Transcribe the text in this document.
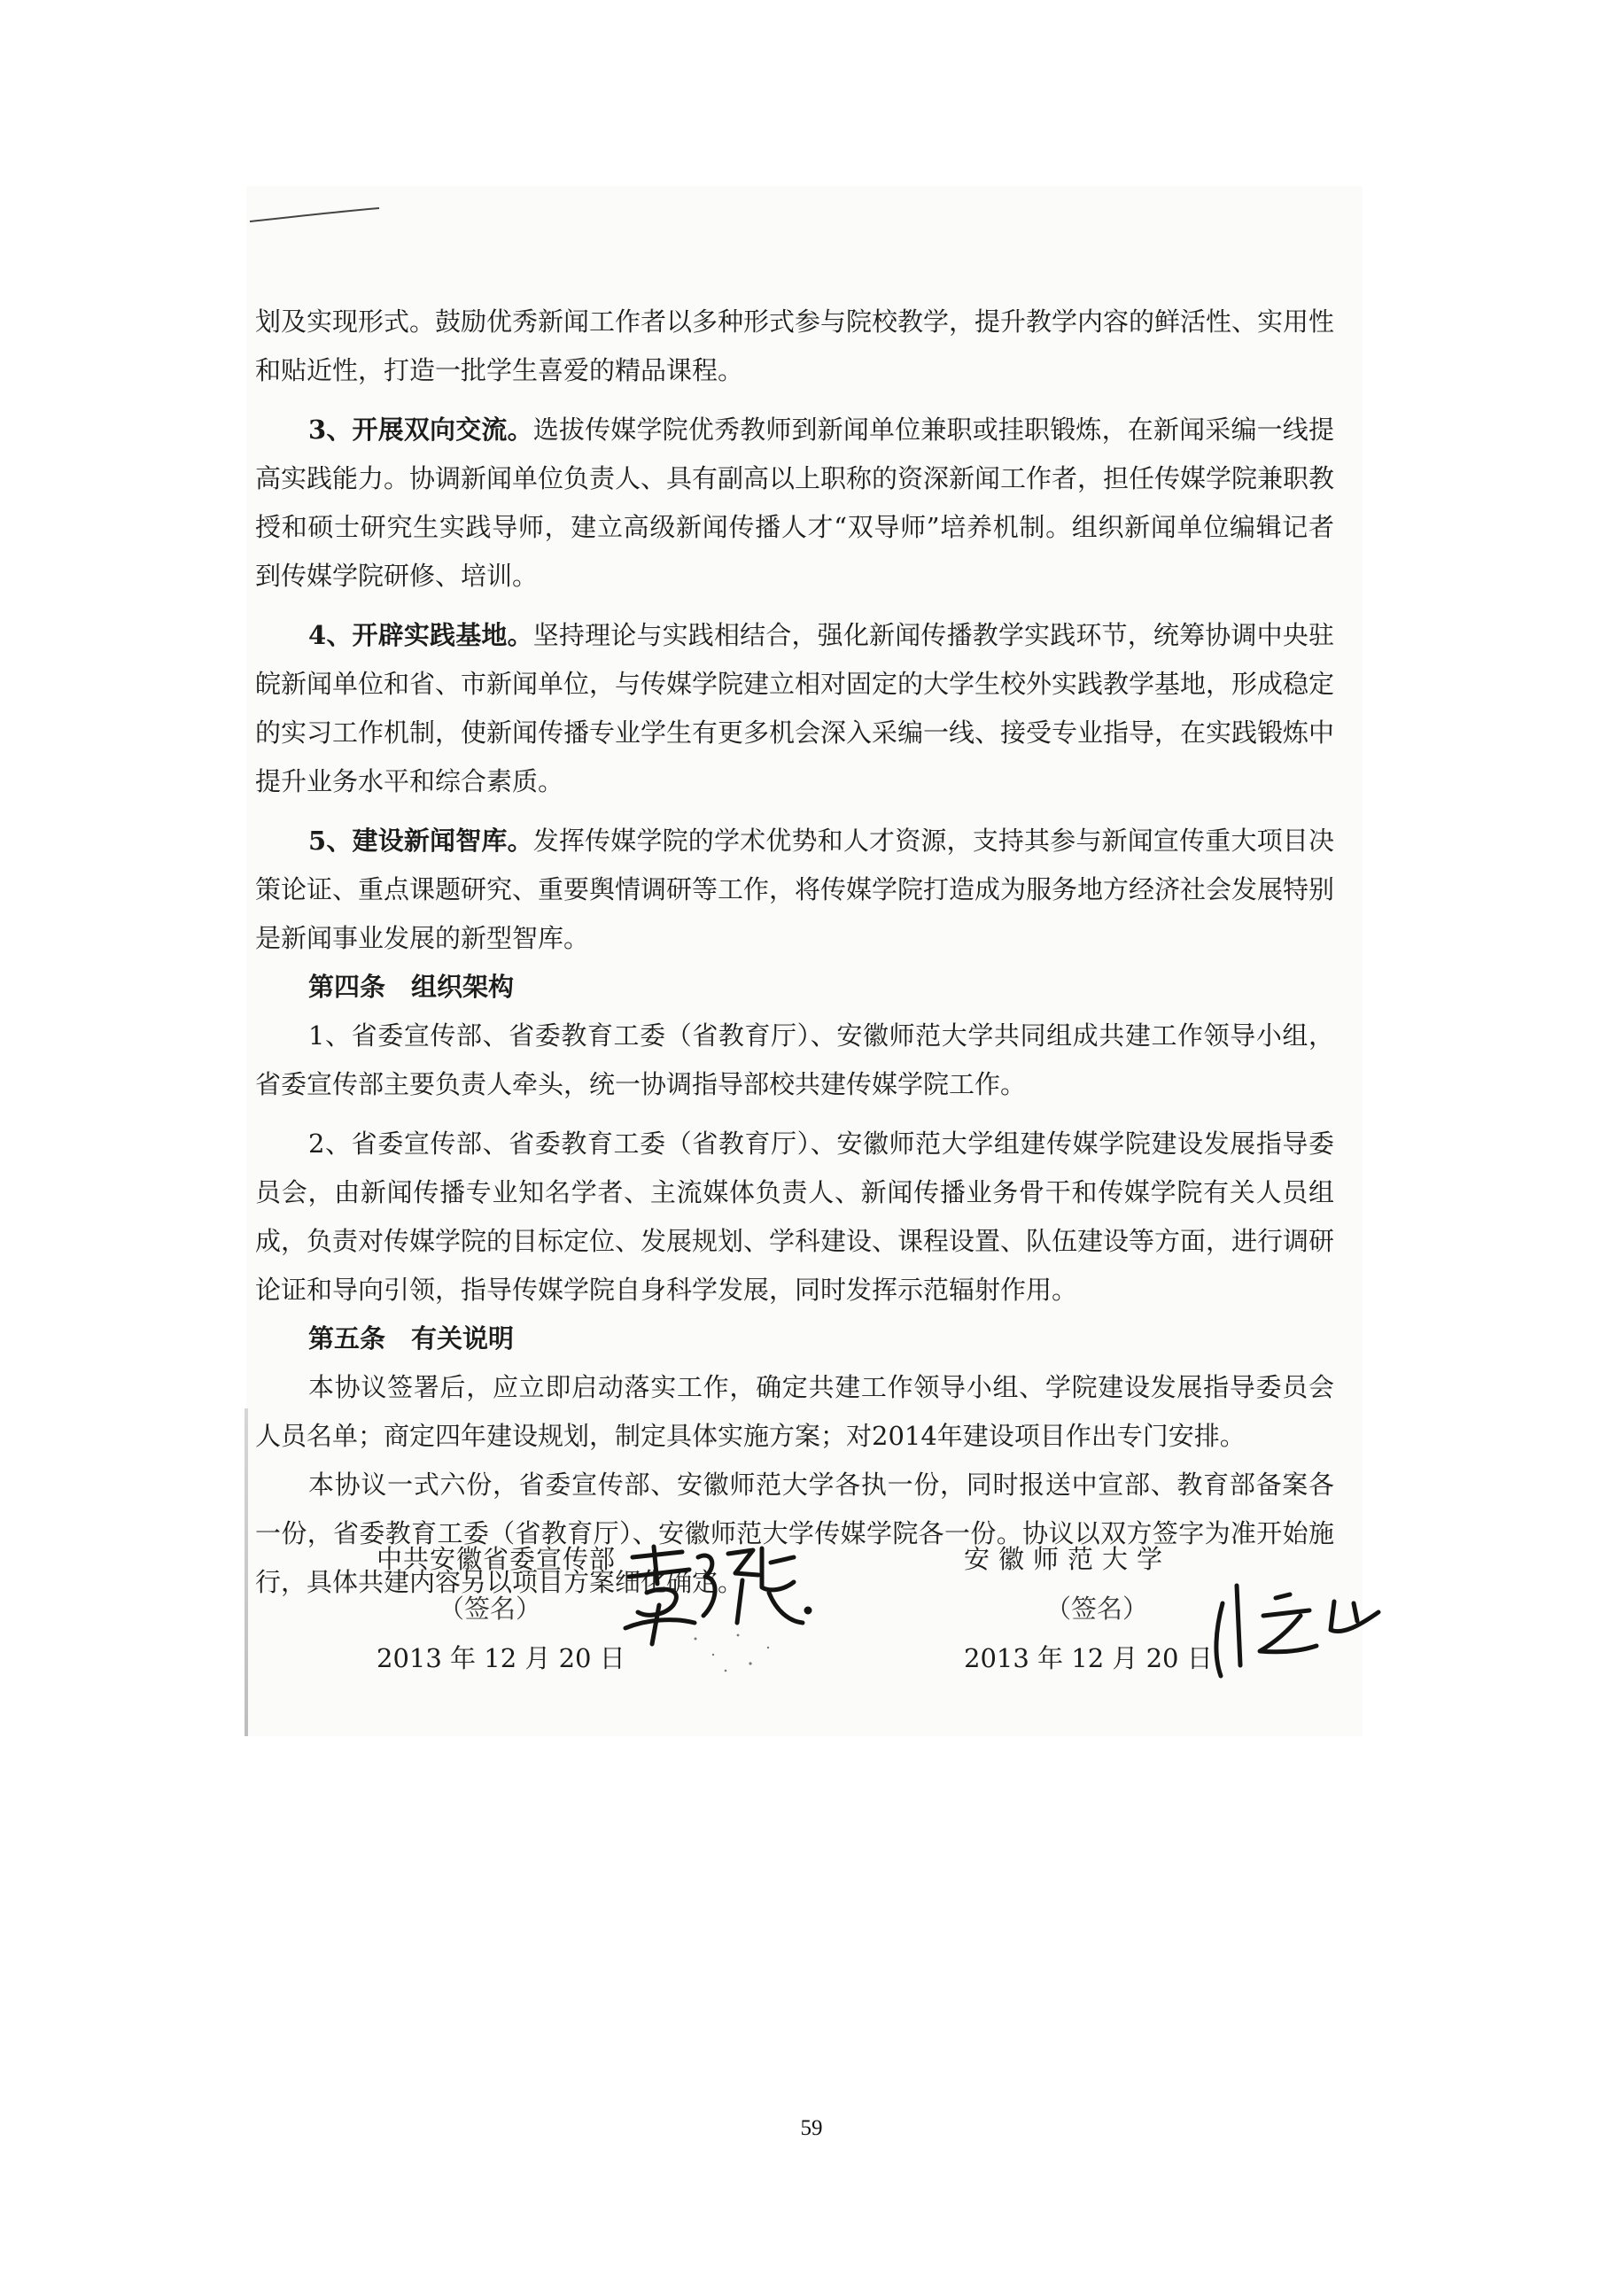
划及实现形式。鼓励优秀新闻工作者以多种形式参与院校教学，提升教学内容的鲜活性、实用性和贴近性，打造一批学生喜爱的精品课程。

3、开展双向交流。选拔传媒学院优秀教师到新闻单位兼职或挂职锻炼，在新闻采编一线提高实践能力。协调新闻单位负责人、具有副高以上职称的资深新闻工作者，担任传媒学院兼职教授和硕士研究生实践导师，建立高级新闻传播人才“双导师”培养机制。组织新闻单位编辑记者到传媒学院研修、培训。

4、开辟实践基地。坚持理论与实践相结合，强化新闻传播教学实践环节，统筹协调中央驻皖新闻单位和省、市新闻单位，与传媒学院建立相对固定的大学生校外实践教学基地，形成稳定的实习工作机制，使新闻传播专业学生有更多机会深入采编一线、接受专业指导，在实践锻炼中提升业务水平和综合素质。

5、建设新闻智库。发挥传媒学院的学术优势和人才资源，支持其参与新闻宣传重大项目决策论证、重点课题研究、重要舆情调研等工作，将传媒学院打造成为服务地方经济社会发展特别是新闻事业发展的新型智库。

第四条　组织架构

1、省委宣传部、省委教育工委（省教育厅）、安徽师范大学共同组成共建工作领导小组，省委宣传部主要负责人牵头，统一协调指导部校共建传媒学院工作。

2、省委宣传部、省委教育工委（省教育厅）、安徽师范大学组建传媒学院建设发展指导委员会，由新闻传播专业知名学者、主流媒体负责人、新闻传播业务骨干和传媒学院有关人员组成，负责对传媒学院的目标定位、发展规划、学科建设、课程设置、队伍建设等方面，进行调研论证和导向引领，指导传媒学院自身科学发展，同时发挥示范辐射作用。

第五条　有关说明

本协议签署后，应立即启动落实工作，确定共建工作领导小组、学院建设发展指导委员会人员名单；商定四年建设规划，制定具体实施方案；对2014年建设项目作出专门安排。

本协议一式六份，省委宣传部、安徽师范大学各执一份，同时报送中宣部、教育部备案各一份，省委教育工委（省教育厅）、安徽师范大学传媒学院各一份。协议以双方签字为准开始施行，具体共建内容另以项目方案细化确定。

中共安徽省委宣传部

（签名）

2013 年 12 月 20 日

安徽师范大学

（签名）

2013 年 12 月 20 日

59
